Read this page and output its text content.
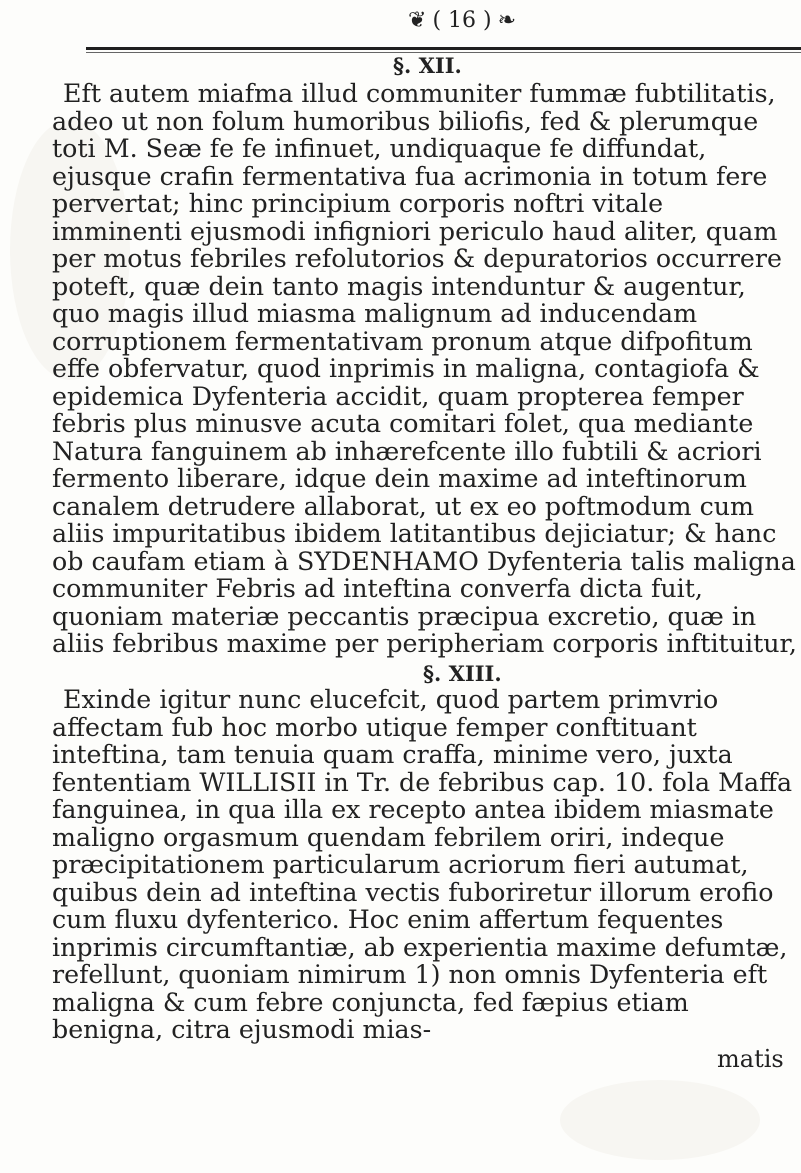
❦ ( 16 ) ❧
§. XII.

Eft autem miafma illud communiter fummæ fubtilitatis, adeo ut non folum humoribus biliofis, fed & plerumque toti M. Seæ fe fe infinuet, undiquaque fe diffundat, ejusque crafin fermentativa fua acrimonia in totum fere pervertat; hinc principium corporis noftri vitale imminenti ejusmodi infigniori periculo haud aliter, quam per motus febriles refolutorios & depuratorios occurrere poteft, quæ dein tanto magis intenduntur & augentur, quo magis illud miasma malignum ad inducendam corruptionem fermentativam pronum atque difpofitum effe obfervatur, quod inprimis in maligna, contagiofa & epidemica Dyfenteria accidit, quam propterea femper febris plus minusve acuta comitari folet, qua mediante Natura fanguinem ab inhærefcente illo fubtili & acriori fermento liberare, idque dein maxime ad inteftinorum canalem detrudere allaborat, ut ex eo poftmodum cum aliis impuritatibus ibidem latitantibus dejiciatur; & hanc ob caufam etiam à SYDENHAMO Dyfenteria talis maligna communiter Febris ad inteftina converfa dicta fuit, quoniam materiæ peccantis præcipua excretio, quæ in aliis febribus maxime per peripheriam corporis inftituitur,

§. XIII.

Exinde igitur nunc elucefcit, quod partem primvrio affectam fub hoc morbo utique femper conftituant inteftina, tam tenuia quam craffa, minime vero, juxta fententiam WILLISII in Tr. de febribus cap. 10. fola Maffa fanguinea, in qua illa ex recepto antea ibidem miasmate maligno orgasmum quendam febrilem oriri, indeque præcipitationem particularum acriorum fieri autumat, quibus dein ad inteftina vectis fuboriretur illorum erofio cum fluxu dyfenterico. Hoc enim affertum fequentes inprimis circumftantiæ, ab experientia maxime defumtæ, refellunt, quoniam nimirum 1) non omnis Dyfenteria eft maligna & cum febre conjuncta, fed fæpius etiam benigna, citra ejusmodi mias-

matis
